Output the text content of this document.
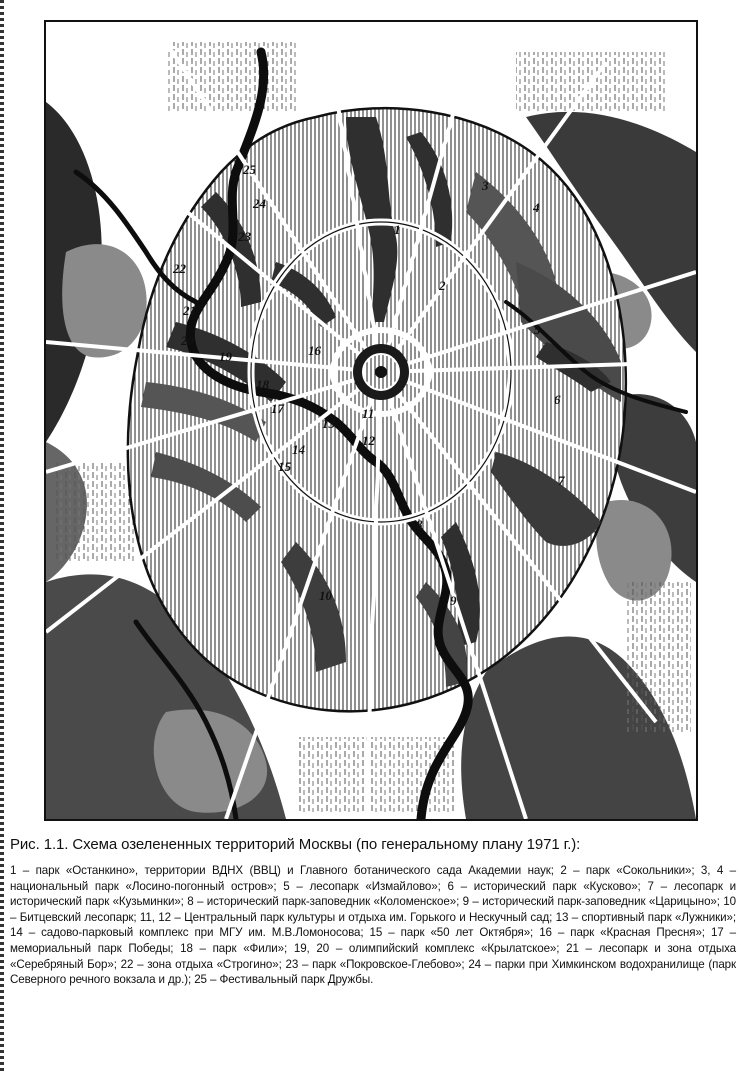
1
2
3
4
5
6
7
8
9
10
11
12
13
14
15
16
17
18
19
20
21
22
23
24
25

Рис. 1.1. Схема озелененных территорий Москвы (по генеральному плану 1971 г.):

1 – парк «Останкино», территории ВДНХ (ВВЦ) и Главного ботанического сада Академии наук; 2 – парк «Сокольники»; 3, 4 – национальный парк «Лосино-погонный остров»; 5 – лесопарк «Измайлово»; 6 – исторический парк «Кусково»; 7 – лесопарк и исторический парк «Кузьминки»; 8 – исторический парк-заповедник «Коломенское»; 9 – исторический парк-заповедник «Царицыно»; 10 – Битцевский лесопарк; 11, 12 – Центральный парк культуры и отдыха им. Горького и Нескучный сад; 13 – спортивный парк «Лужники»; 14 – садово-парковый комплекс при МГУ им. М.В.Ломоносова; 15 – парк «50 лет Октября»; 16 – парк «Красная Пресня»; 17 – мемориальный парк Победы; 18 – парк «Фили»; 19, 20 – олимпийский комплекс «Крылатское»; 21 – лесопарк и зона отдыха «Серебряный Бор»; 22 – зона отдыха «Строгино»; 23 – парк «Покровское-Глебово»; 24 – парки при Химкинском водохранилище (парк Северного речного вокзала и др.); 25 – Фестивальный парк Дружбы.
